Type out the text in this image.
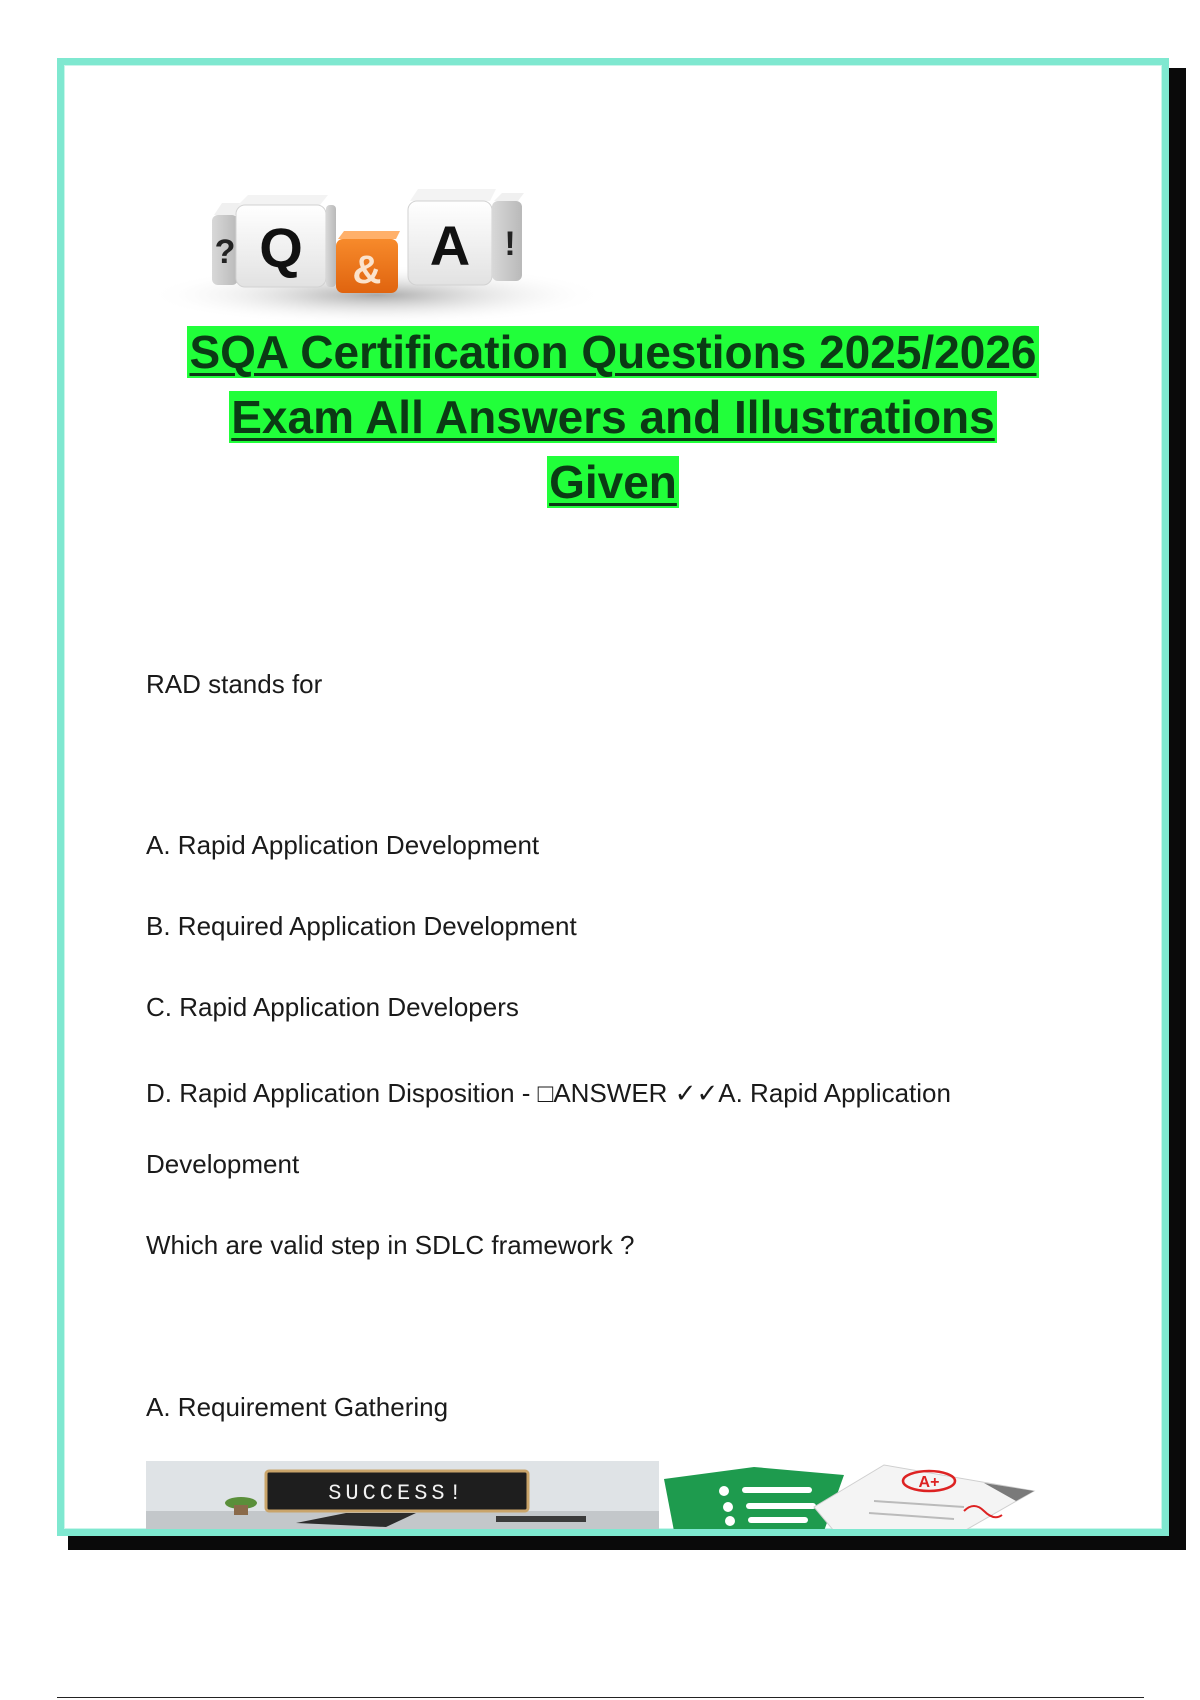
? Q & A !
SQA Certification Questions 2025/2026
Exam All Answers and Illustrations
Given
RAD stands for
A. Rapid Application Development
B. Required Application Development
C. Rapid Application Developers
D. Rapid Application Disposition - □ANSWER ✓✓A. Rapid Application
Development
Which are valid step in SDLC framework ?
A. Requirement Gathering
SUCCESS!	A+
